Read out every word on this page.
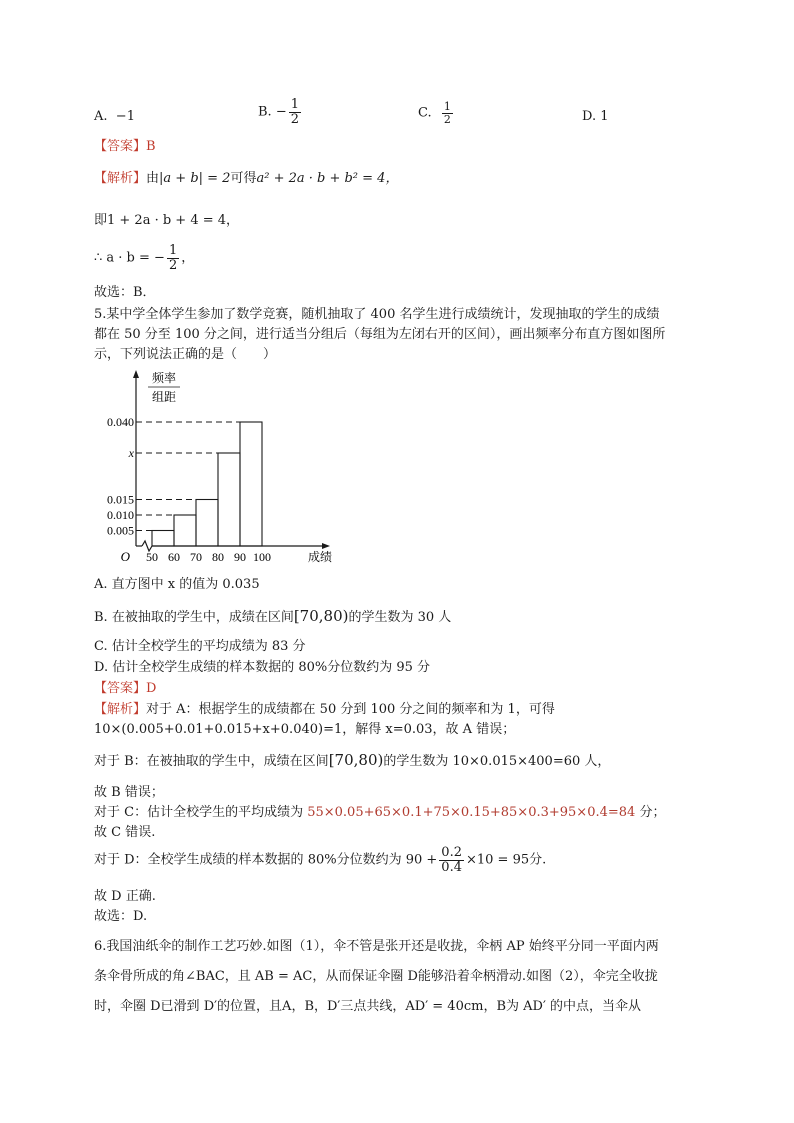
A. −1	B. − $\frac{1}{2}$	C. $\frac{1}{2}$	D. 1
【答案】B
【解析】由|a + b| = 2可得a² + 2a · b + b² = 4，
即1 + 2a · b + 4 = 4，
∴ a · b = − $\frac{1}{2}$ ，
故选：B．
5.某中学全体学生参加了数学竞赛，随机抽取了 400 名学生进行成绩统计，发现抽取的学生的成绩
都在 50 分至 100 分之间，进行适当分组后（每组为左闭右开的区间），画出频率分布直方图如图所
示，下列说法正确的是（　　）
0.005
0.010
0.015
x
0.040
50 60 70 80 90 100
O	成绩
频率
组距
A. 直方图中 x 的值为 0.035
B. 在被抽取的学生中，成绩在区间[70,80)的学生数为 30 人
C. 估计全校学生的平均成绩为 83 分
D. 估计全校学生成绩的样本数据的 80%分位数约为 95 分
【答案】D
【解析】对于 A：根据学生的成绩都在 50 分到 100 分之间的频率和为 1，可得
10×(0.005+0.01+0.015+x+0.040)=1，解得 x=0.03，故 A 错误；
对于 B：在被抽取的学生中，成绩在区间[70,80)的学生数为 10×0.015×400=60 人，
故 B 错误；
对于 C：估计全校学生的平均成绩为 55×0.05+65×0.1+75×0.15+85×0.3+95×0.4=84 分；
故 C 错误.
对于 D：全校学生成绩的样本数据的 80%分位数约为 $90 + \frac{0.2}{0.4} \times 10 = 95$分.
故 D 正确.
故选：D.
6.我国油纸伞的制作工艺巧妙.如图（1），伞不管是张开还是收拢，伞柄 AP 始终平分同一平面内两
条伞骨所成的角∠BAC，且 AB = AC，从而保证伞圈 D能够沿着伞柄滑动.如图（2），伞完全收拢
时，伞圈 D已滑到 D′的位置，且A，B，D′三点共线，AD′ = 40cm，B为 AD′ 的中点，当伞从
